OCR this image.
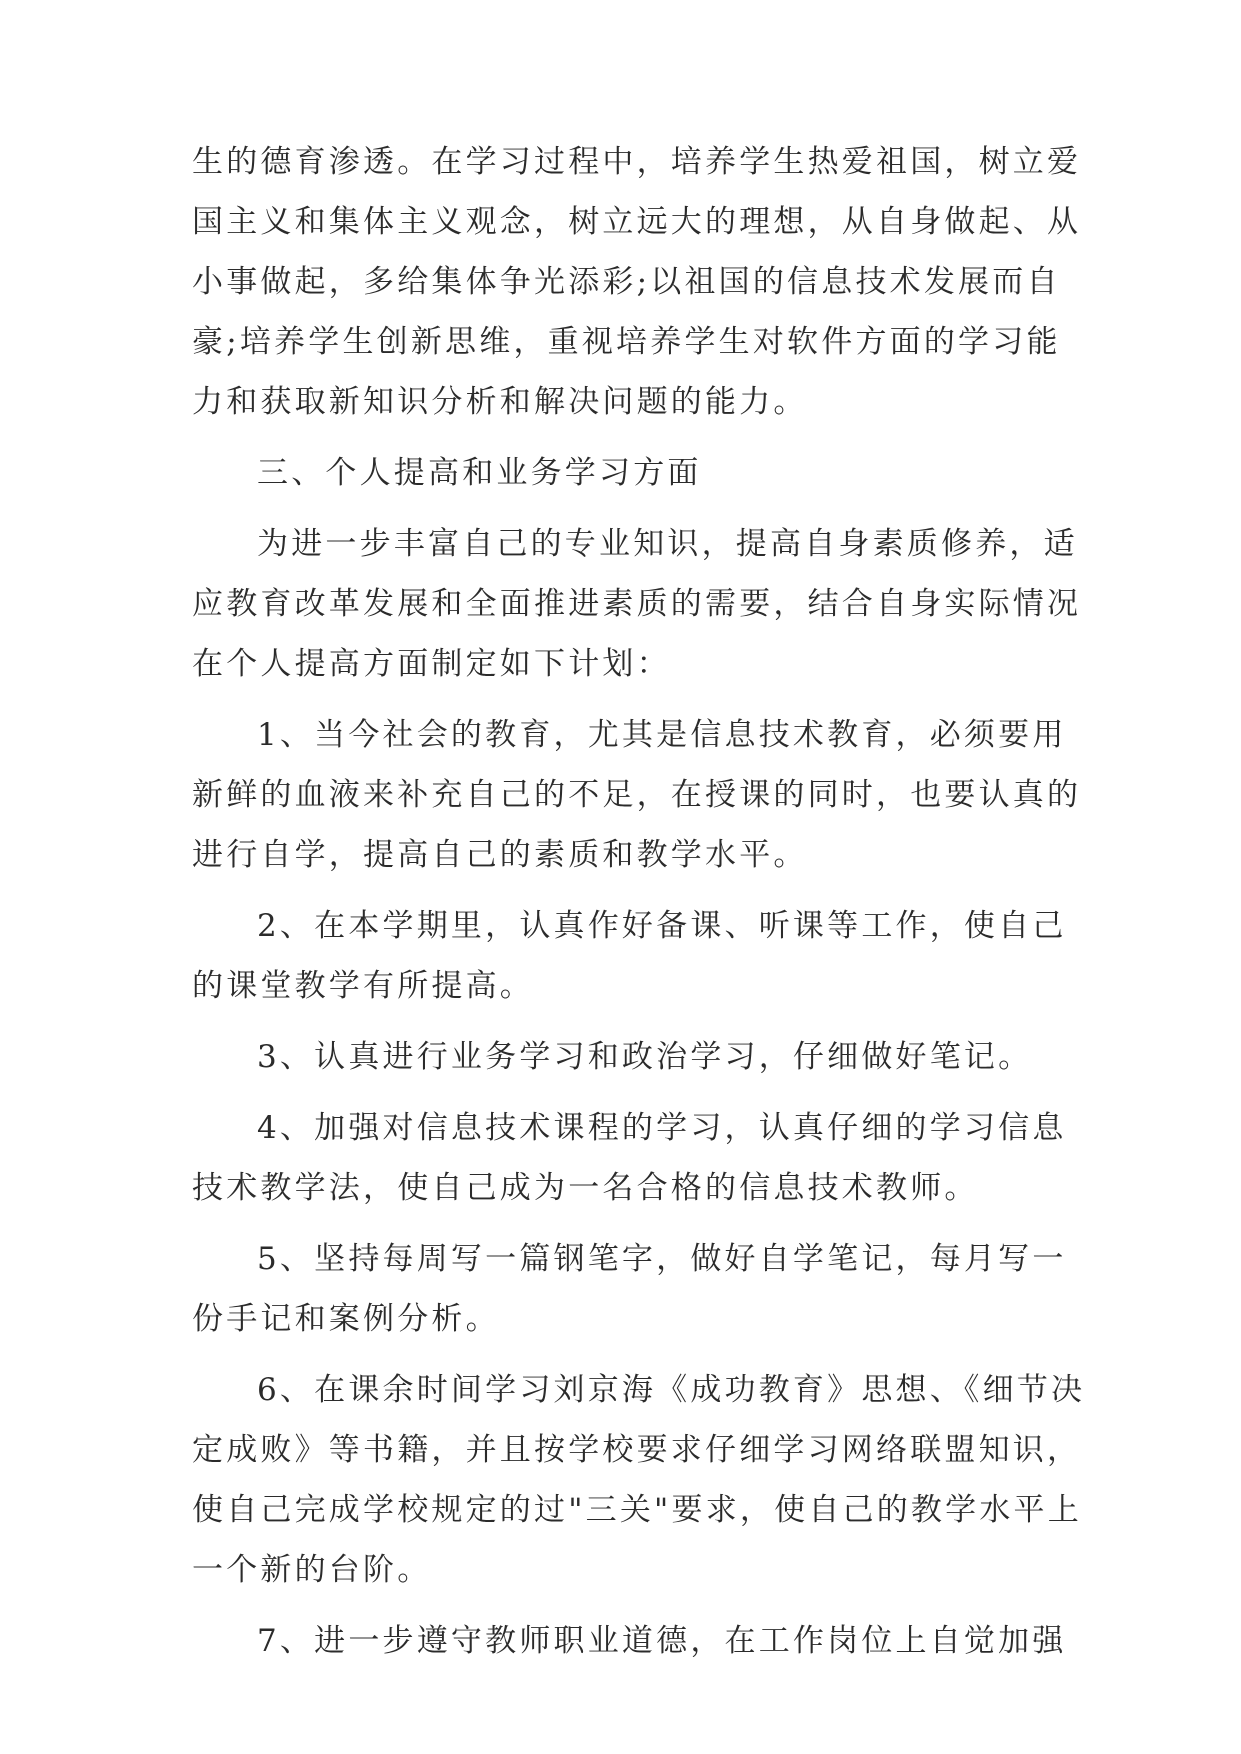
生的德育渗透。在学习过程中，培养学生热爱祖国，树立爱

国主义和集体主义观念，树立远大的理想，从自身做起、从

小事做起，多给集体争光添彩;以祖国的信息技术发展而自

豪;培养学生创新思维，重视培养学生对软件方面的学习能

力和获取新知识分析和解决问题的能力。

三、个人提高和业务学习方面

为进一步丰富自己的专业知识，提高自身素质修养，适

应教育改革发展和全面推进素质的需要，结合自身实际情况

在个人提高方面制定如下计划：

1、当今社会的教育，尤其是信息技术教育，必须要用

新鲜的血液来补充自己的不足，在授课的同时，也要认真的

进行自学，提高自己的素质和教学水平。

2、在本学期里，认真作好备课、听课等工作，使自己

的课堂教学有所提高。

3、认真进行业务学习和政治学习，仔细做好笔记。

4、加强对信息技术课程的学习，认真仔细的学习信息

技术教学法，使自己成为一名合格的信息技术教师。

5、坚持每周写一篇钢笔字，做好自学笔记，每月写一

份手记和案例分析。

6、在课余时间学习刘京海《成功教育》思想、《细节决

定成败》等书籍，并且按学校要求仔细学习网络联盟知识，

使自己完成学校规定的过"三关"要求，使自己的教学水平上

一个新的台阶。

7、进一步遵守教师职业道德，在工作岗位上自觉加强
